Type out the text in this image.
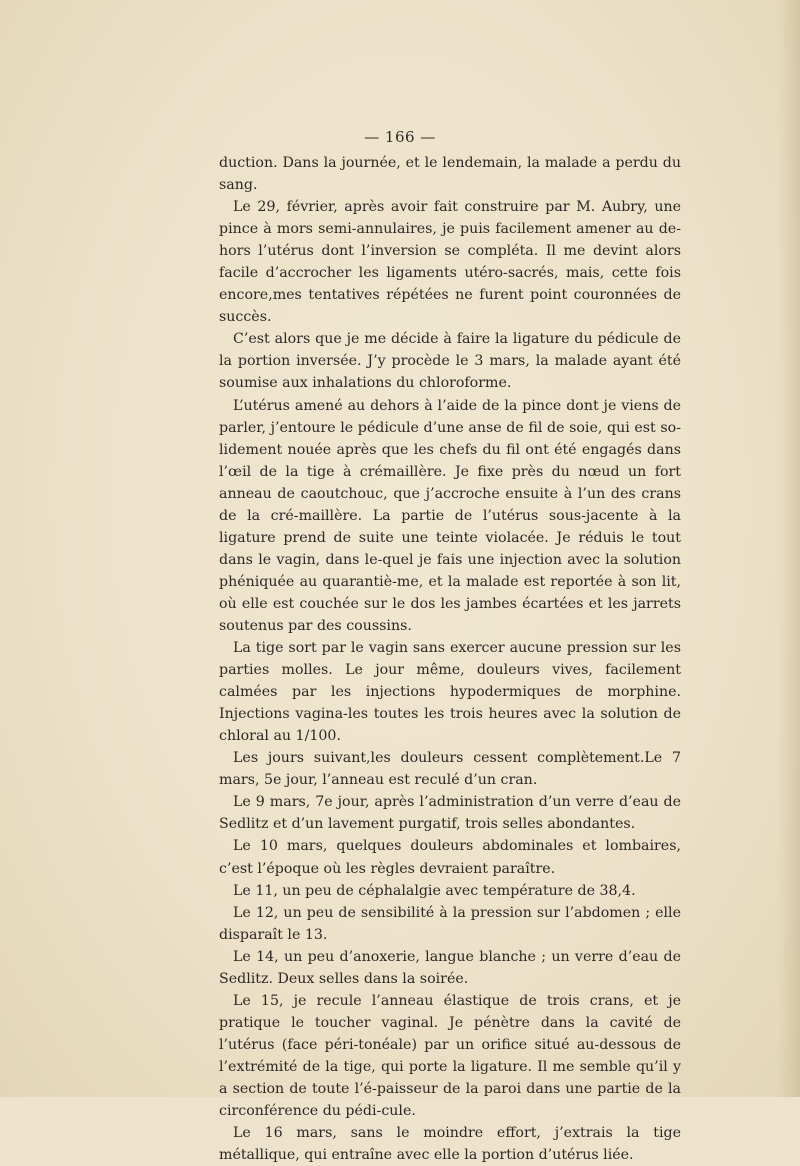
— 166 —

duction. Dans la journée, et le lendemain, la malade a perdu du sang.

Le 29, février, après avoir fait construire par M. Aubry, une pince à mors semi-annulaires, je puis facilement amener au de-hors l’utérus dont l’inversion se compléta. Il me devint alors facile d’accrocher les ligaments utéro-sacrés, mais, cette fois encore,mes tentatives répétées ne furent point couronnées de succès.

C’est alors que je me décide à faire la ligature du pédicule de la portion inversée. J’y procède le 3 mars, la malade ayant été soumise aux inhalations du chloroforme.

L’utérus amené au dehors à l’aide de la pince dont je viens de parler, j’entoure le pédicule d’une anse de fil de soie, qui est so-lidement nouée après que les chefs du fil ont été engagés dans l’œil de la tige à crémaillère. Je fixe près du nœud un fort anneau de caoutchouc, que j’accroche ensuite à l’un des crans de la cré-maillère. La partie de l’utérus sous-jacente à la ligature prend de suite une teinte violacée. Je réduis le tout dans le vagin, dans le-quel je fais une injection avec la solution phéniquée au quarantiè-me, et la malade est reportée à son lit, où elle est couchée sur le dos les jambes écartées et les jarrets soutenus par des coussins.

La tige sort par le vagin sans exercer aucune pression sur les parties molles. Le jour même, douleurs vives, facilement calmées par les injections hypodermiques de morphine. Injections vagina-les toutes les trois heures avec la solution de chloral au 1/100.

Les jours suivant,les douleurs cessent complètement.Le 7 mars, 5e jour, l’anneau est reculé d’un cran.

Le 9 mars, 7e jour, après l’administration d’un verre d’eau de Sedlitz et d’un lavement purgatif, trois selles abondantes.

Le 10 mars, quelques douleurs abdominales et lombaires, c’est l’époque où les règles devraient paraître.

Le 11, un peu de céphalalgie avec température de 38,4.

Le 12, un peu de sensibilité à la pression sur l’abdomen ; elle disparaît le 13.

Le 14, un peu d’anoxerie, langue blanche ; un verre d’eau de Sedlitz. Deux selles dans la soirée.

Le 15, je recule l’anneau élastique de trois crans, et je pratique le toucher vaginal. Je pénètre dans la cavité de l’utérus (face péri-tonéale) par un orifice situé au-dessous de l’extrémité de la tige, qui porte la ligature. Il me semble qu’il y a section de toute l’é-paisseur de la paroi dans une partie de la circonférence du pédi-cule.

Le 16 mars, sans le moindre effort, j’extrais la tige métallique, qui entraîne avec elle la portion d’utérus liée.
